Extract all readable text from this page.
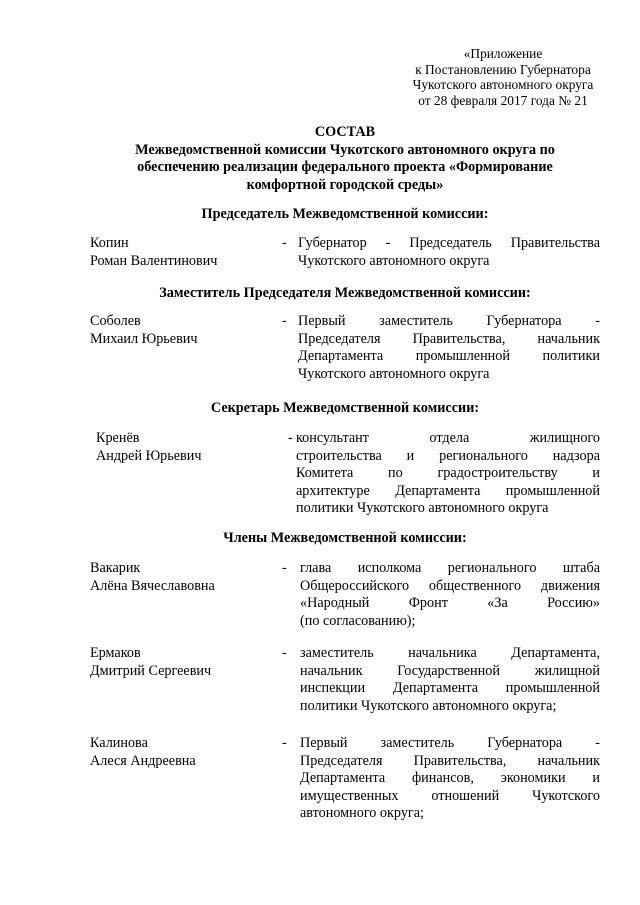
«Приложение
к Постановлению Губернатора
Чукотского автономного округа
от 28 февраля 2017 года № 21
СОСТАВ
Межведомственной комиссии Чукотского автономного округа по
обеспечению реализации федерального проекта «Формирование
комфортной городской среды»
Председатель Межведомственной комиссии:
Копин
Роман Валентинович
- Губернатор - Председатель Правительства
Чукотского автономного округа
Заместитель Председателя Межведомственной комиссии:
Соболев
Михаил Юрьевич
- Первый заместитель Губернатора -
Председателя Правительства, начальник
Департамента промышленной политики
Чукотского автономного округа
Секретарь Межведомственной комиссии:
Кренёв
Андрей Юрьевич
- консультант отдела жилищного
строительства и регионального надзора
Комитета по градостроительству и
архитектуре Департамента промышленной
политики Чукотского автономного округа
Члены Межведомственной комиссии:
Вакарик
Алёна Вячеславовна
- глава исполкома регионального штаба
Общероссийского общественного движения
«Народный Фронт «За Россию»
(по согласованию);
Ермаков
Дмитрий Сергеевич
- заместитель начальника Департамента,
начальник Государственной жилищной
инспекции Департамента промышленной
политики Чукотского автономного округа;
Калинова
Алеся Андреевна
- Первый заместитель Губернатора -
Председателя Правительства, начальник
Департамента финансов, экономики и
имущественных отношений Чукотского
автономного округа;
